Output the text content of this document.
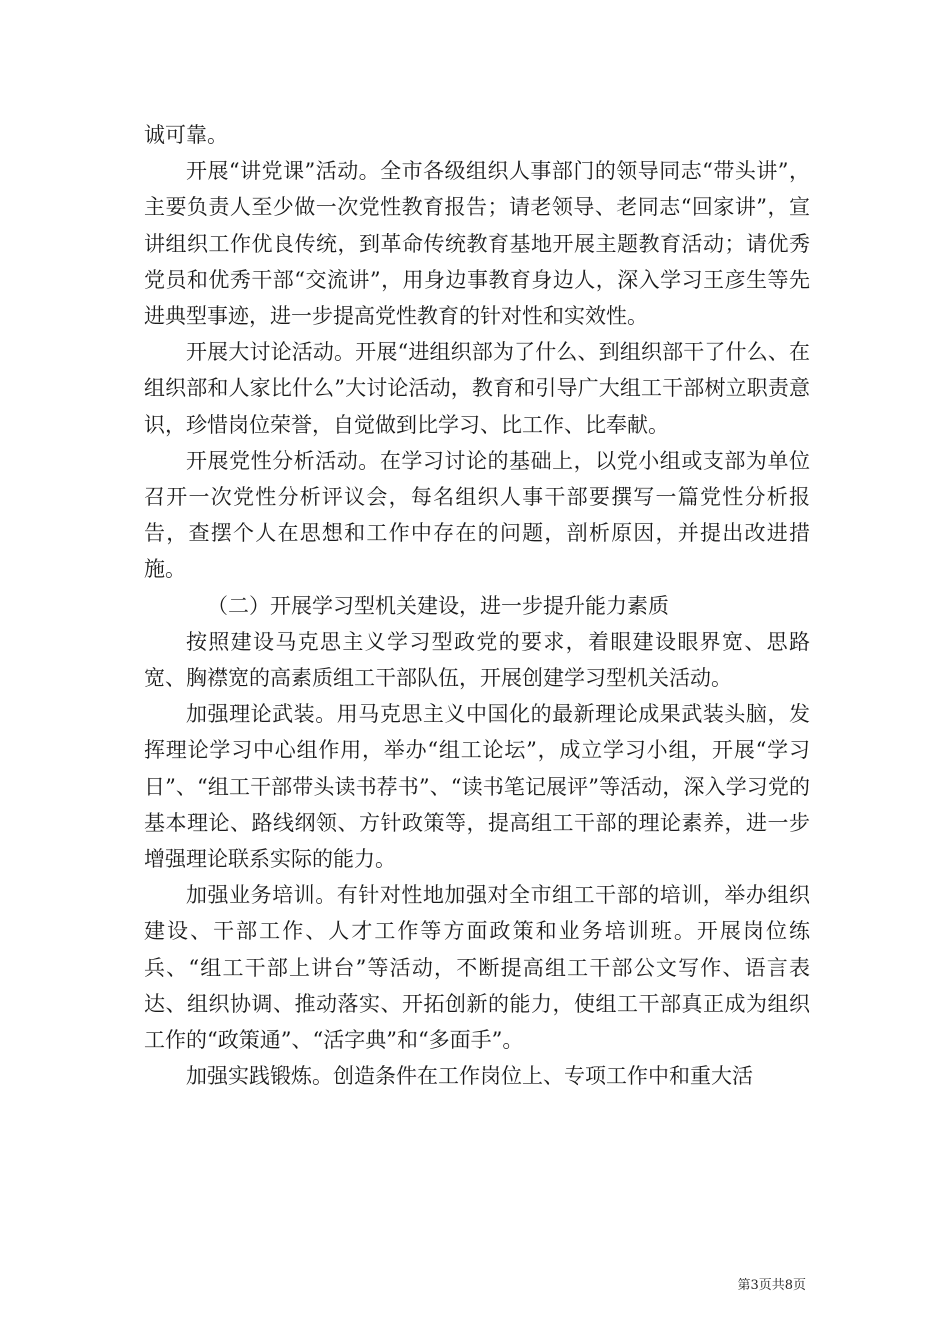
诚可靠。

开展“讲党课”活动。全市各级组织人事部门的领导同志“带头讲”，主要负责人至少做一次党性教育报告；请老领导、老同志“回家讲”，宣讲组织工作优良传统，到革命传统教育基地开展主题教育活动；请优秀党员和优秀干部“交流讲”，用身边事教育身边人，深入学习王彦生等先进典型事迹，进一步提高党性教育的针对性和实效性。

开展大讨论活动。开展“进组织部为了什么、到组织部干了什么、在组织部和人家比什么”大讨论活动，教育和引导广大组工干部树立职责意识，珍惜岗位荣誉，自觉做到比学习、比工作、比奉献。

开展党性分析活动。在学习讨论的基础上，以党小组或支部为单位召开一次党性分析评议会，每名组织人事干部要撰写一篇党性分析报告，查摆个人在思想和工作中存在的问题，剖析原因，并提出改进措施。

（二）开展学习型机关建设，进一步提升能力素质

按照建设马克思主义学习型政党的要求，着眼建设眼界宽、思路宽、胸襟宽的高素质组工干部队伍，开展创建学习型机关活动。

加强理论武装。用马克思主义中国化的最新理论成果武装头脑，发挥理论学习中心组作用，举办“组工论坛”，成立学习小组，开展“学习日”、“组工干部带头读书荐书”、“读书笔记展评”等活动，深入学习党的基本理论、路线纲领、方针政策等，提高组工干部的理论素养，进一步增强理论联系实际的能力。

加强业务培训。有针对性地加强对全市组工干部的培训，举办组织建设、干部工作、人才工作等方面政策和业务培训班。开展岗位练兵、“组工干部上讲台”等活动，不断提高组工干部公文写作、语言表达、组织协调、推动落实、开拓创新的能力，使组工干部真正成为组织工作的“政策通”、“活字典”和“多面手”。

加强实践锻炼。创造条件在工作岗位上、专项工作中和重大活

第3页共8页
